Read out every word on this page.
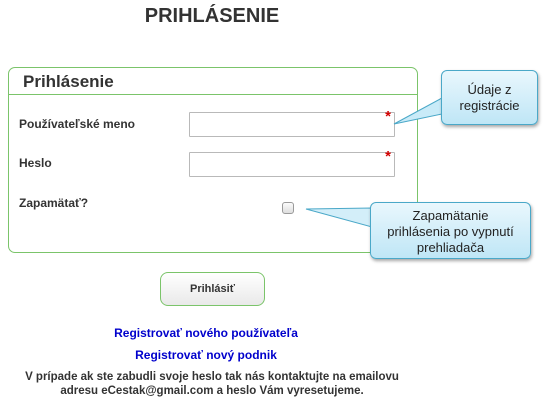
PRIHLÁSENIE
Prihlásenie
Používateľské meno	*
Heslo	*
Zapamätať?
Údaje z
registrácie
Zapamätanie
prihlásenia po vypnutí
prehliadača
Prihlásiť
Registrovať nového používateľa
Registrovať nový podnik
V prípade ak ste zabudli svoje heslo tak nás kontaktujte na emailovu
adresu eCestak@gmail.com a heslo Vám vyresetujeme.
